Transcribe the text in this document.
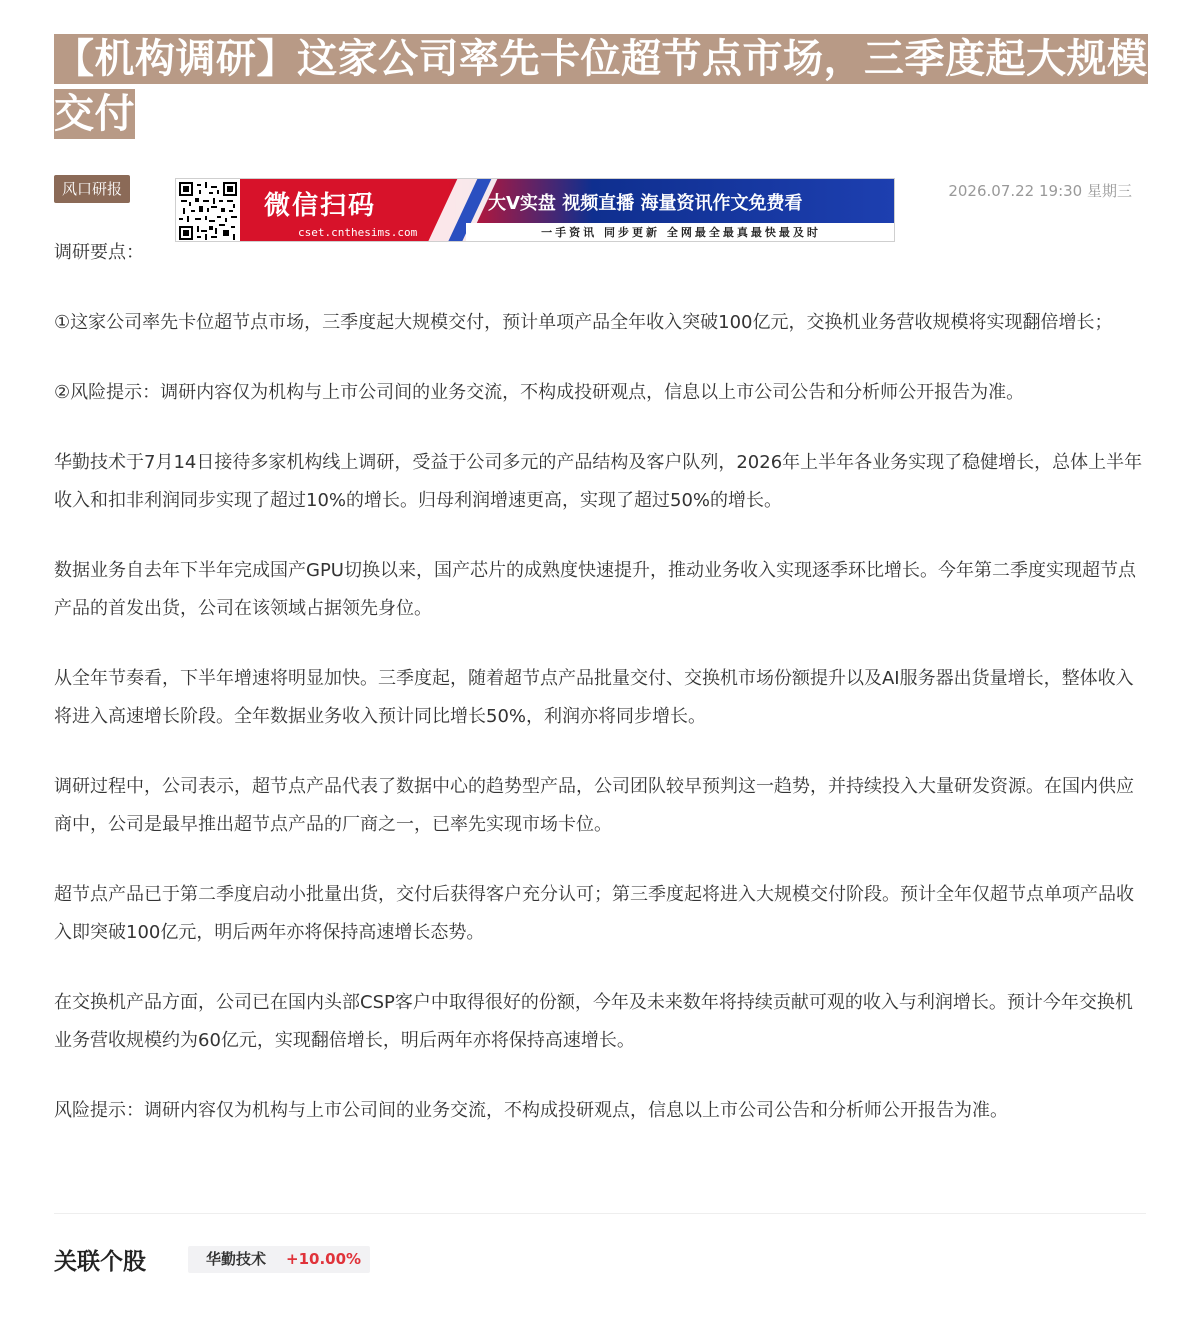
【机构调研】这家公司率先卡位超节点市场，三季度起大规模交付
风口研报
微信扫码
cset.cnthesims.com
大V实盘 视频直播 海量资讯作文免费看
一手资讯 同步更新 全网最全最真最快最及时
2026.07.22 19:30 星期三

调研要点：

①这家公司率先卡位超节点市场，三季度起大规模交付，预计单项产品全年收入突破100亿元，交换机业务营收规模将实现翻倍增长；

②风险提示：调研内容仅为机构与上市公司间的业务交流，不构成投研观点，信息以上市公司公告和分析师公开报告为准。

华勤技术于7月14日接待多家机构线上调研，受益于公司多元的产品结构及客户队列，2026年上半年各业务实现了稳健增长，总体上半年收入和扣非利润同步实现了超过10%的增长。归母利润增速更高，实现了超过50%的增长。

数据业务自去年下半年完成国产GPU切换以来，国产芯片的成熟度快速提升，推动业务收入实现逐季环比增长。今年第二季度实现超节点产品的首发出货，公司在该领域占据领先身位。

从全年节奏看，下半年增速将明显加快。三季度起，随着超节点产品批量交付、交换机市场份额提升以及AI服务器出货量增长，整体收入将进入高速增长阶段。全年数据业务收入预计同比增长50%，利润亦将同步增长。

调研过程中，公司表示，超节点产品代表了数据中心的趋势型产品，公司团队较早预判这一趋势，并持续投入大量研发资源。在国内供应商中，公司是最早推出超节点产品的厂商之一，已率先实现市场卡位。

超节点产品已于第二季度启动小批量出货，交付后获得客户充分认可；第三季度起将进入大规模交付阶段。预计全年仅超节点单项产品收入即突破100亿元，明后两年亦将保持高速增长态势。

在交换机产品方面，公司已在国内头部CSP客户中取得很好的份额，今年及未来数年将持续贡献可观的收入与利润增长。预计今年交换机业务营收规模约为60亿元，实现翻倍增长，明后两年亦将保持高速增长。

风险提示：调研内容仅为机构与上市公司间的业务交流，不构成投研观点，信息以上市公司公告和分析师公开报告为准。

关联个股	华勤技术 +10.00%
